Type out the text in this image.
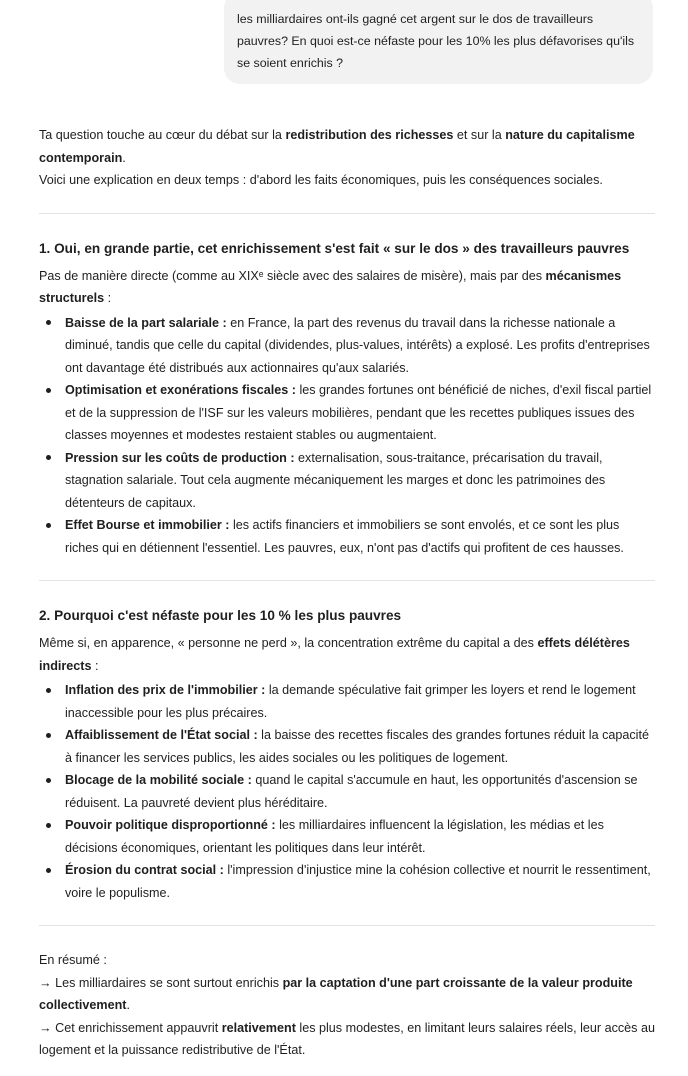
les milliardaires ont-ils gagné cet argent sur le dos de travailleurs pauvres? En quoi est-ce néfaste pour les 10% les plus défavorises qu'ils se soient enrichis ?

Ta question touche au cœur du débat sur la redistribution des richesses et sur la nature du capitalisme contemporain.
Voici une explication en deux temps : d'abord les faits économiques, puis les conséquences sociales.

1. Oui, en grande partie, cet enrichissement s'est fait « sur le dos » des travailleurs pauvres

Pas de manière directe (comme au XIXᵉ siècle avec des salaires de misère), mais par des mécanismes structurels :

Baisse de la part salariale : en France, la part des revenus du travail dans la richesse nationale a diminué, tandis que celle du capital (dividendes, plus-values, intérêts) a explosé. Les profits d'entreprises ont davantage été distribués aux actionnaires qu'aux salariés.
Optimisation et exonérations fiscales : les grandes fortunes ont bénéficié de niches, d'exil fiscal partiel et de la suppression de l'ISF sur les valeurs mobilières, pendant que les recettes publiques issues des classes moyennes et modestes restaient stables ou augmentaient.
Pression sur les coûts de production : externalisation, sous-traitance, précarisation du travail, stagnation salariale. Tout cela augmente mécaniquement les marges et donc les patrimoines des détenteurs de capitaux.
Effet Bourse et immobilier : les actifs financiers et immobiliers se sont envolés, et ce sont les plus riches qui en détiennent l'essentiel. Les pauvres, eux, n'ont pas d'actifs qui profitent de ces hausses.
2. Pourquoi c'est néfaste pour les 10 % les plus pauvres

Même si, en apparence, « personne ne perd », la concentration extrême du capital a des effets délétères indirects :

Inflation des prix de l'immobilier : la demande spéculative fait grimper les loyers et rend le logement inaccessible pour les plus précaires.
Affaiblissement de l'État social : la baisse des recettes fiscales des grandes fortunes réduit la capacité à financer les services publics, les aides sociales ou les politiques de logement.
Blocage de la mobilité sociale : quand le capital s'accumule en haut, les opportunités d'ascension se réduisent. La pauvreté devient plus héréditaire.
Pouvoir politique disproportionné : les milliardaires influencent la législation, les médias et les décisions économiques, orientant les politiques dans leur intérêt.
Érosion du contrat social : l'impression d'injustice mine la cohésion collective et nourrit le ressentiment, voire le populisme.

En résumé :
→ Les milliardaires se sont surtout enrichis par la captation d'une part croissante de la valeur produite collectivement.
→ Cet enrichissement appauvrit relativement les plus modestes, en limitant leurs salaires réels, leur accès au logement et la puissance redistributive de l'État.
